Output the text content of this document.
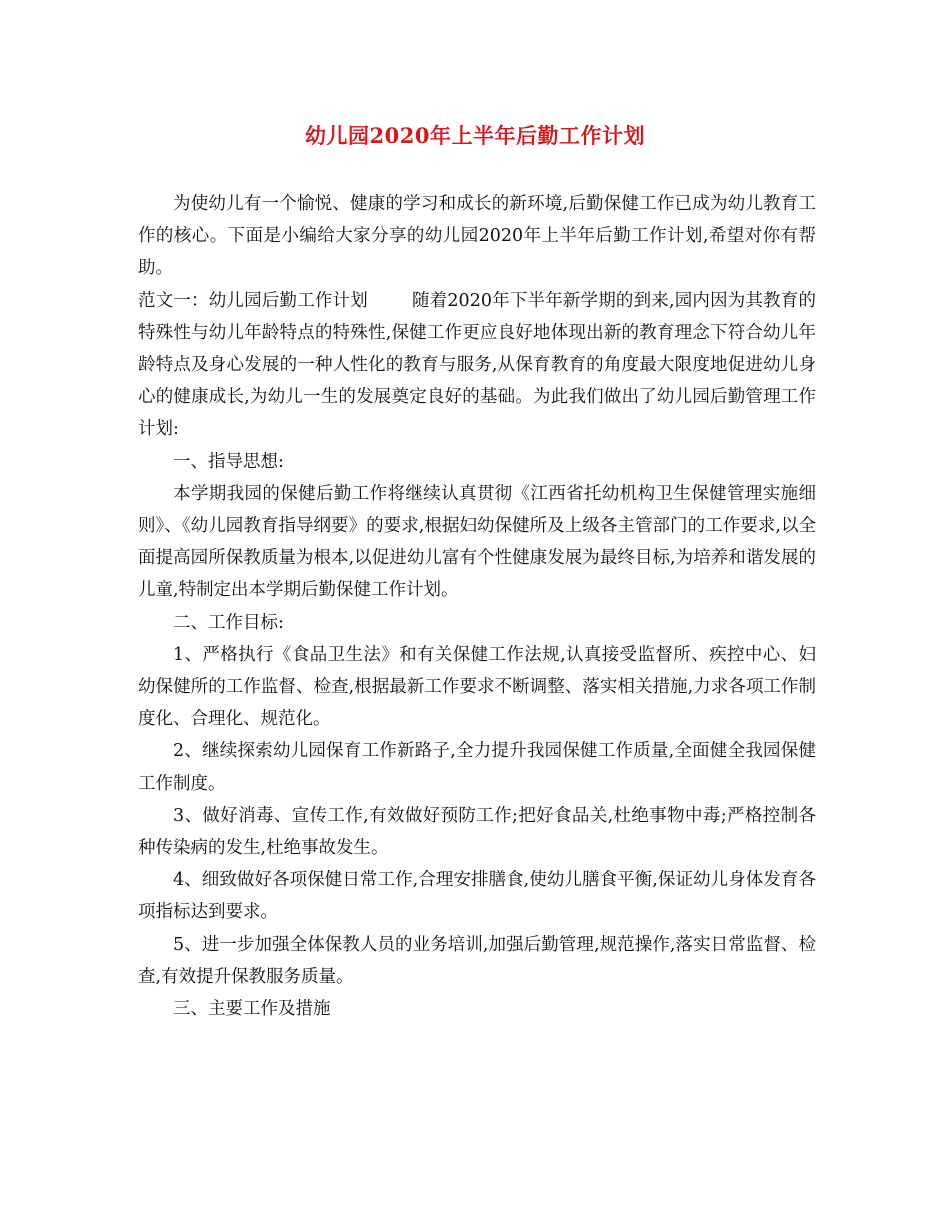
幼儿园2020年上半年后勤工作计划

为使幼儿有一个愉悦、健康的学习和成长的新环境,后勤保健工作已成为幼儿教育工作的核心。下面是小编给大家分享的幼儿园2020年上半年后勤工作计划,希望对你有帮助。

范文一：幼儿园后勤工作计划	随着2020年下半年新学期的到来,园内因为其教育的特殊性与幼儿年龄特点的特殊性,保健工作更应良好地体现出新的教育理念下符合幼儿年龄特点及身心发展的一种人性化的教育与服务,从保育教育的角度最大限度地促进幼儿身心的健康成长,为幼儿一生的发展奠定良好的基础。为此我们做出了幼儿园后勤管理工作计划:

一、指导思想:

本学期我园的保健后勤工作将继续认真贯彻《江西省托幼机构卫生保健管理实施细则》、《幼儿园教育指导纲要》的要求,根据妇幼保健所及上级各主管部门的工作要求,以全面提高园所保教质量为根本,以促进幼儿富有个性健康发展为最终目标,为培养和谐发展的儿童,特制定出本学期后勤保健工作计划。

二、工作目标:

1、严格执行《食品卫生法》和有关保健工作法规,认真接受监督所、疾控中心、妇幼保健所的工作监督、检查,根据最新工作要求不断调整、落实相关措施,力求各项工作制度化、合理化、规范化。

2、继续探索幼儿园保育工作新路子,全力提升我园保健工作质量,全面健全我园保健工作制度。

3、做好消毒、宣传工作,有效做好预防工作;把好食品关,杜绝事物中毒;严格控制各种传染病的发生,杜绝事故发生。

4、细致做好各项保健日常工作,合理安排膳食,使幼儿膳食平衡,保证幼儿身体发育各项指标达到要求。

5、进一步加强全体保教人员的业务培训,加强后勤管理,规范操作,落实日常监督、检查,有效提升保教服务质量。

三、主要工作及措施
